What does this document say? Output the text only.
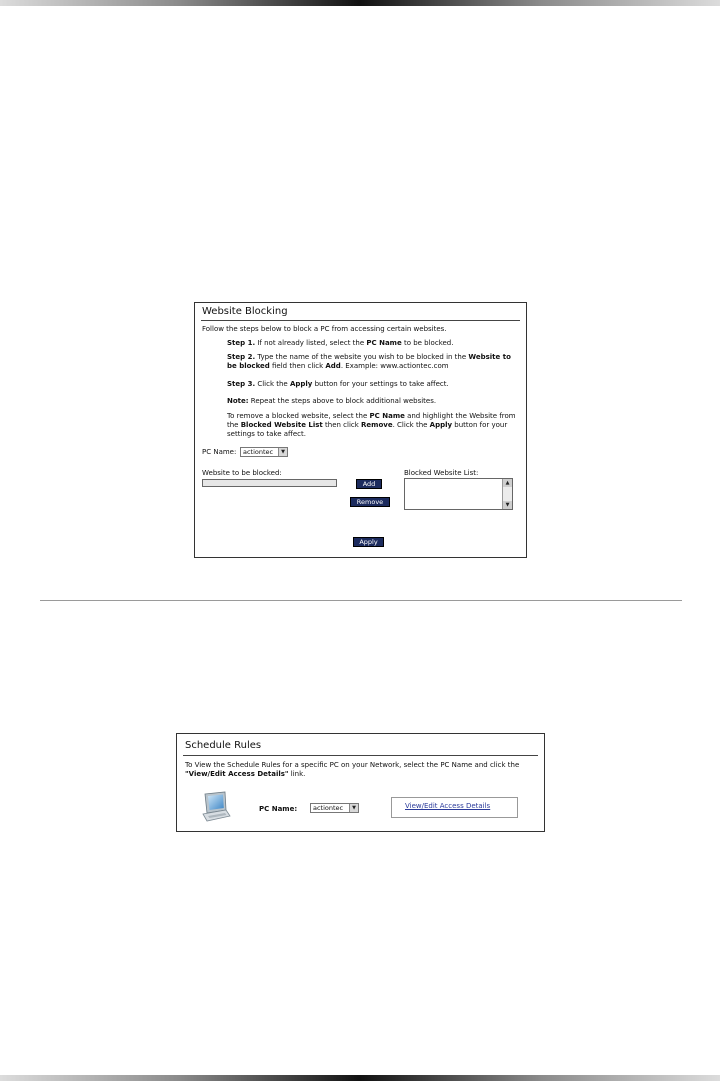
Website Blocking
Follow the steps below to block a PC from accessing certain websites.
Step 1. If not already listed, select the PC Name to be blocked.
Step 2. Type the name of the website you wish to be blocked in the Website to be blocked field then click Add. Example: www.actiontec.com
Step 3. Click the Apply button for your settings to take affect.
Note: Repeat the steps above to block additional websites.
To remove a blocked website, select the PC Name and highlight the Website from the Blocked Website List then click Remove. Click the Apply button for your settings to take affect.
PC Name:	actiontec	▼
Website to be blocked:
Add
Remove
Apply
Blocked Website List:
▲
▼
Schedule Rules
To View the Schedule Rules for a specific PC on your Network, select the PC Name and click the "View/Edit Access Details" link.
PC Name:	actiontec	▼	View/Edit Access Details
